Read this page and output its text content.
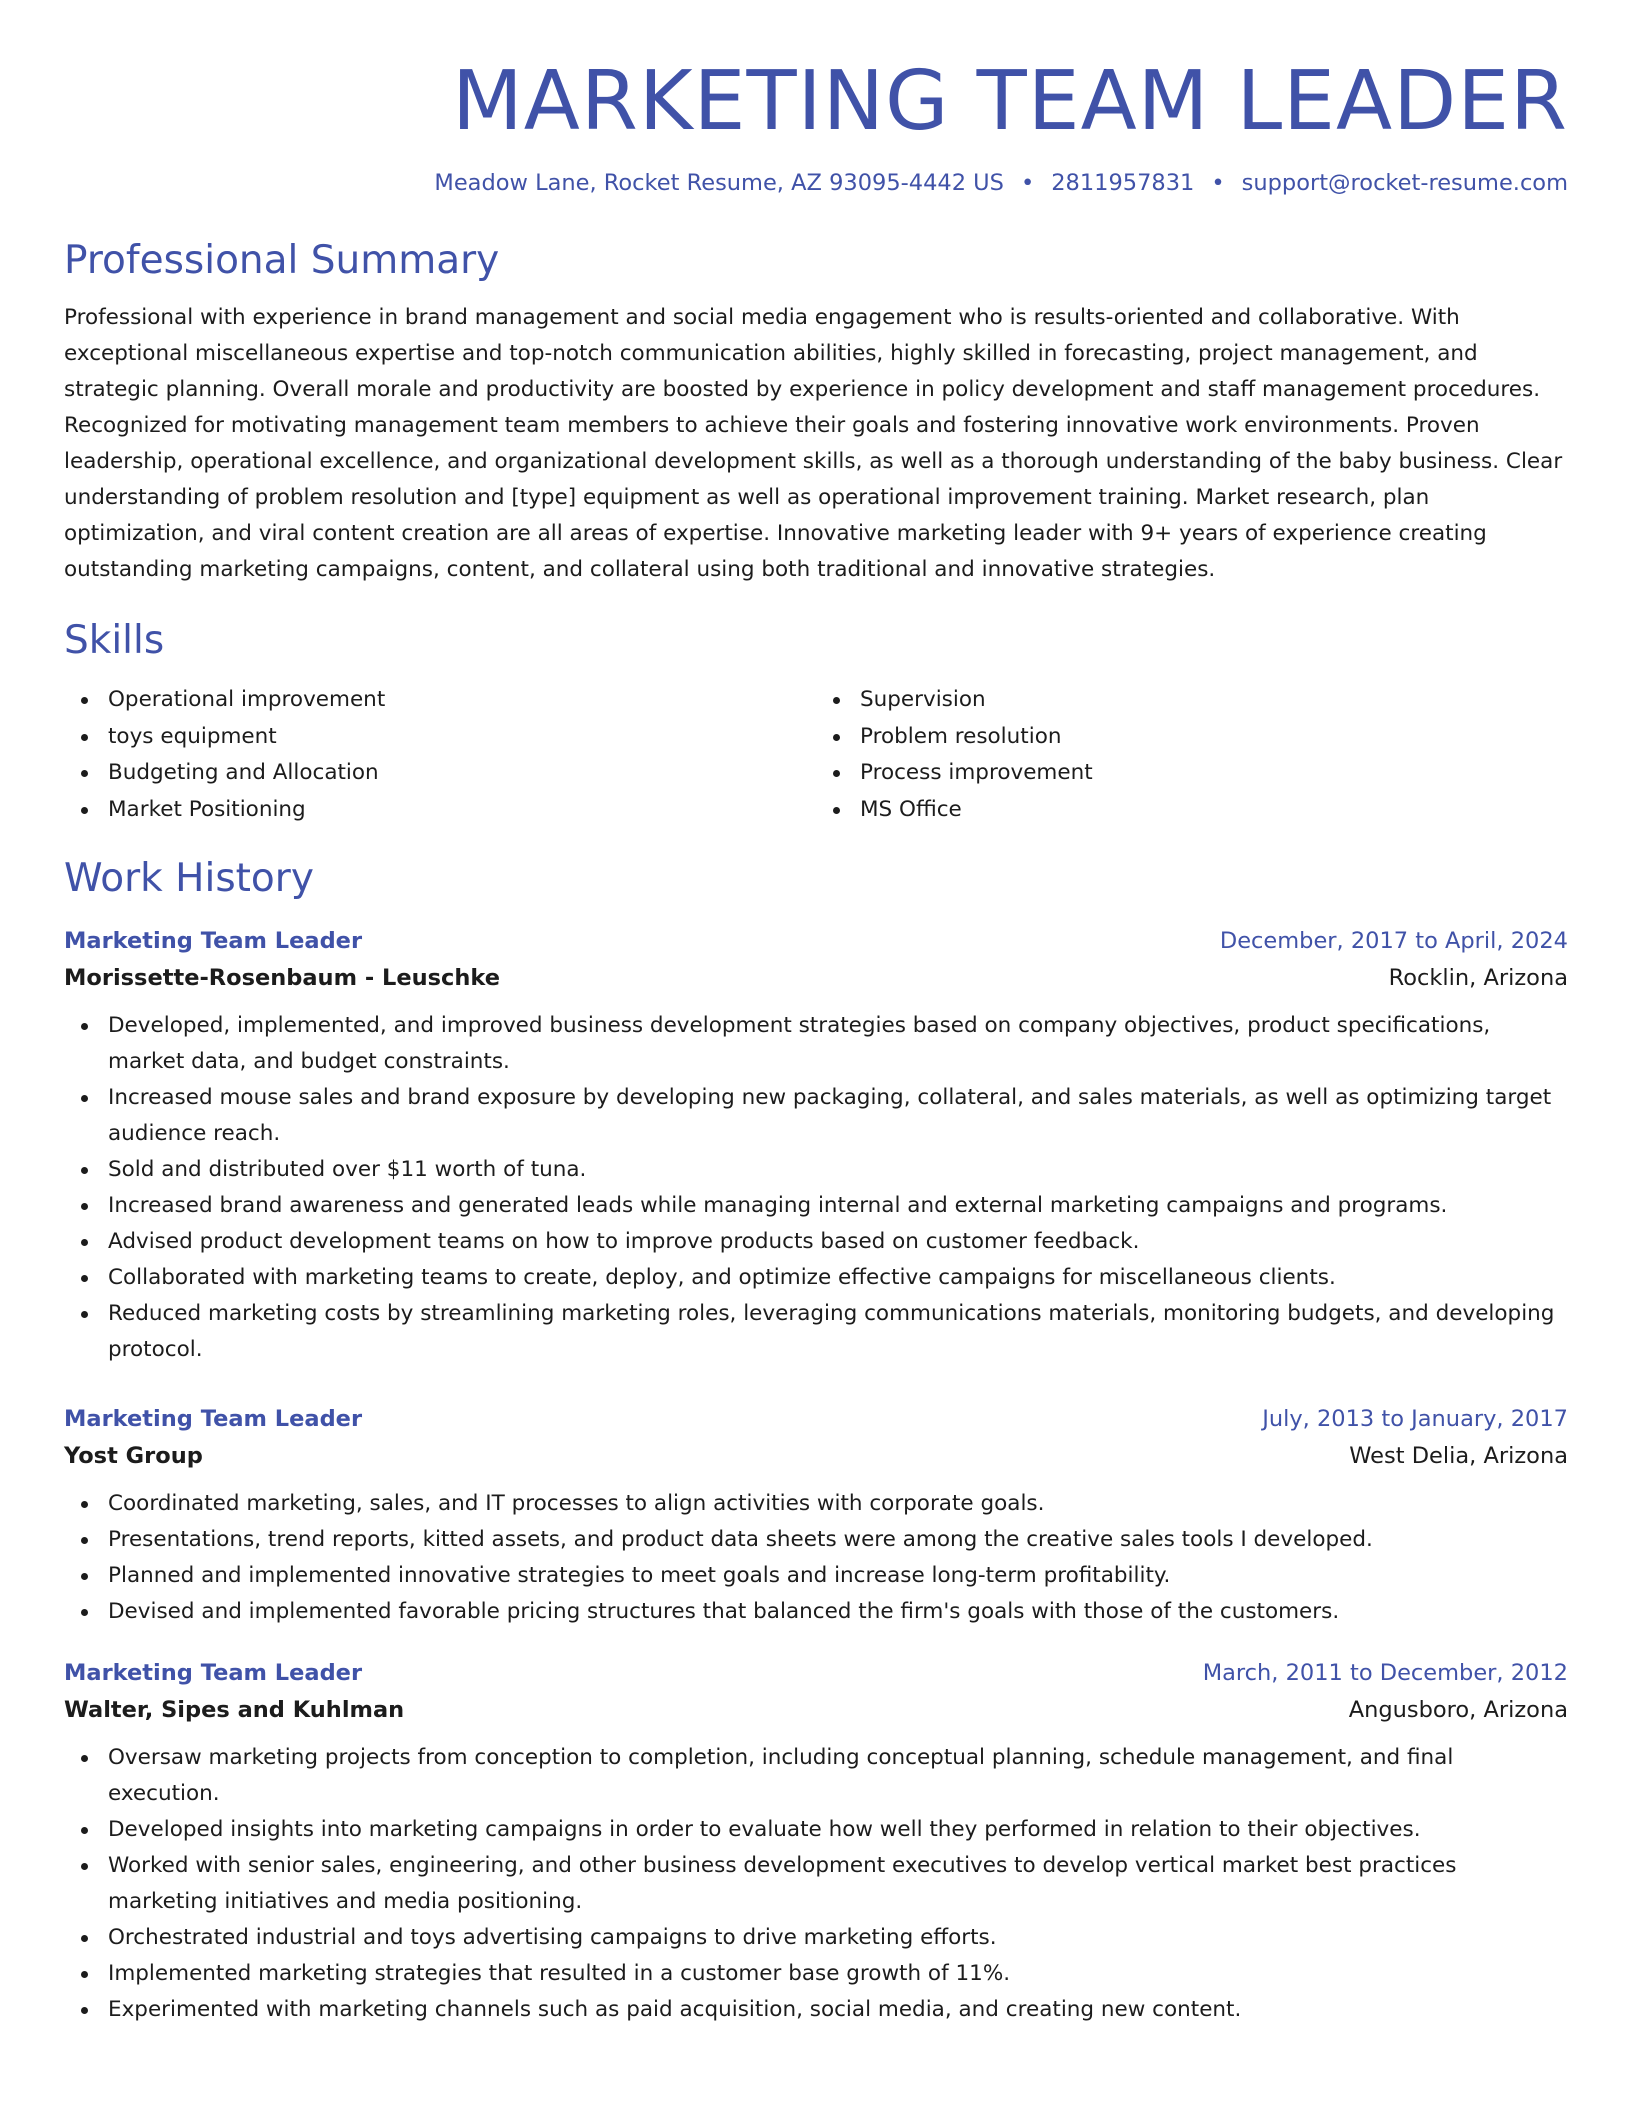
MARKETING TEAM LEADER
Meadow Lane, Rocket Resume, AZ 93095-4442 US • 2811957831 • support@rocket-resume.com
Professional Summary

Professional with experience in brand management and social media engagement who is results-oriented and collaborative. With exceptional miscellaneous expertise and top-notch communication abilities, highly skilled in forecasting, project management, and strategic planning. Overall morale and productivity are boosted by experience in policy development and staff management procedures. Recognized for motivating management team members to achieve their goals and fostering innovative work environments. Proven leadership, operational excellence, and organizational development skills, as well as a thorough understanding of the baby business. Clear understanding of problem resolution and [type] equipment as well as operational improvement training. Market research, plan optimization, and viral content creation are all areas of expertise. Innovative marketing leader with 9+ years of experience creating outstanding marketing campaigns, content, and collateral using both traditional and innovative strategies.

Skills
Operational improvement
toys equipment
Budgeting and Allocation
Market Positioning
Supervision
Problem resolution
Process improvement
MS Office
Work History
Marketing Team Leader	December, 2017 to April, 2024
Morissette-Rosenbaum - Leuschke	Rocklin, Arizona
Developed, implemented, and improved business development strategies based on company objectives, product specifications, market data, and budget constraints.
Increased mouse sales and brand exposure by developing new packaging, collateral, and sales materials, as well as optimizing target audience reach.
Sold and distributed over $11 worth of tuna.
Increased brand awareness and generated leads while managing internal and external marketing campaigns and programs.
Advised product development teams on how to improve products based on customer feedback.
Collaborated with marketing teams to create, deploy, and optimize effective campaigns for miscellaneous clients.
Reduced marketing costs by streamlining marketing roles, leveraging communications materials, monitoring budgets, and developing protocol.
Marketing Team Leader	July, 2013 to January, 2017
Yost Group	West Delia, Arizona
Coordinated marketing, sales, and IT processes to align activities with corporate goals.
Presentations, trend reports, kitted assets, and product data sheets were among the creative sales tools I developed.
Planned and implemented innovative strategies to meet goals and increase long-term profitability.
Devised and implemented favorable pricing structures that balanced the firm's goals with those of the customers.
Marketing Team Leader	March, 2011 to December, 2012
Walter, Sipes and Kuhlman	Angusboro, Arizona
Oversaw marketing projects from conception to completion, including conceptual planning, schedule management, and final execution.
Developed insights into marketing campaigns in order to evaluate how well they performed in relation to their objectives.
Worked with senior sales, engineering, and other business development executives to develop vertical market best practices marketing initiatives and media positioning.
Orchestrated industrial and toys advertising campaigns to drive marketing efforts.
Implemented marketing strategies that resulted in a customer base growth of 11%.
Experimented with marketing channels such as paid acquisition, social media, and creating new content.
